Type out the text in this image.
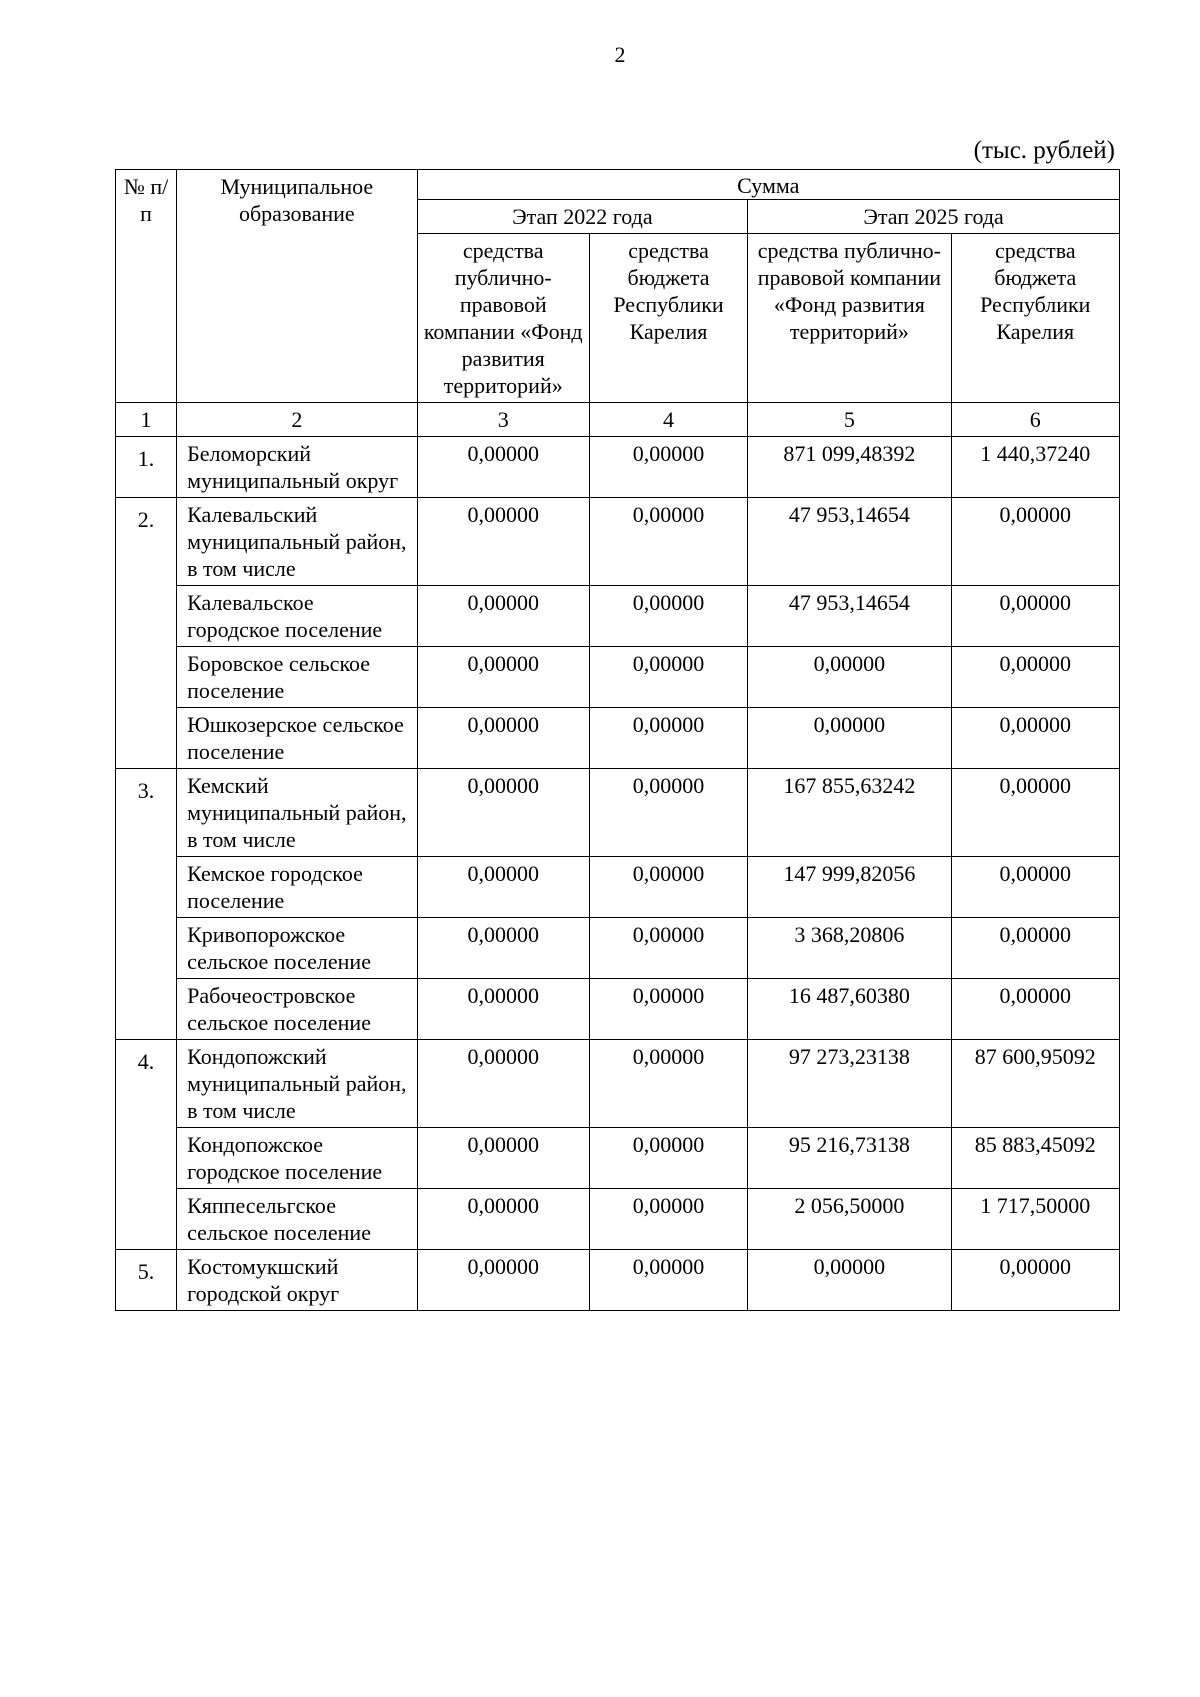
2
(тыс. рублей)
№ п/п	Муниципальное образование	Сумма			
		Этап 2022 года		Этап 2025 года	
		средства публично-правовой компании «Фонд развития территорий»	средства бюджета Республики Карелия	средства публично-правовой компании «Фонд развития территорий»	средства бюджета Республики Карелия
1	2	3	4	5	6
1.	Беломорский муниципальный округ	0,00000	0,00000	871 099,48392	1 440,37240
2.	Калевальский муниципальный район, в том числе	0,00000	0,00000	47 953,14654	0,00000
	Калевальское городское поселение	0,00000	0,00000	47 953,14654	0,00000
	Боровское сельское поселение	0,00000	0,00000	0,00000	0,00000
	Юшкозерское сельское поселение	0,00000	0,00000	0,00000	0,00000
3.	Кемский муниципальный район, в том числе	0,00000	0,00000	167 855,63242	0,00000
	Кемское городское поселение	0,00000	0,00000	147 999,82056	0,00000
	Кривопорожское сельское поселение	0,00000	0,00000	3 368,20806	0,00000
	Рабочеостровское сельское поселение	0,00000	0,00000	16 487,60380	0,00000
4.	Кондопожский муниципальный район, в том числе	0,00000	0,00000	97 273,23138	87 600,95092
	Кондопожское городское поселение	0,00000	0,00000	95 216,73138	85 883,45092
	Кяппесельгское сельское поселение	0,00000	0,00000	2 056,50000	1 717,50000
5.	Костомукшский городской округ	0,00000	0,00000	0,00000	0,00000
